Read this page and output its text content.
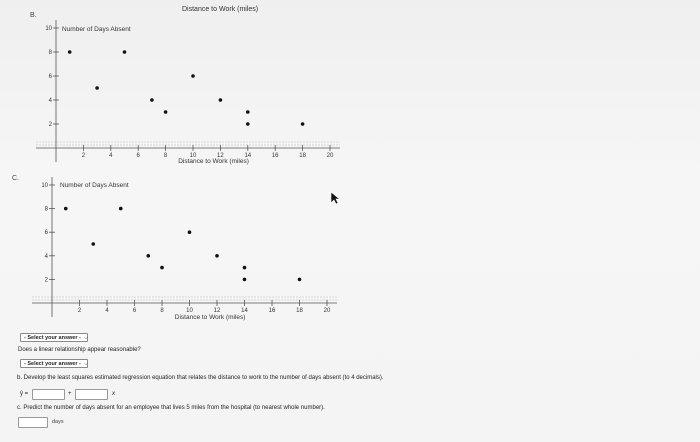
Distance to Work (miles)
B.
C.
2
4
6
8
10
2	4	6	8	10	12	14	16	18	20
Number of Days Absent
Distance to Work (miles)
2
4
6
8
10
2	4	6	8	10	12	14	16	18	20
Number of Days Absent
Distance to Work (miles)
- Select your answer - ⌵
Does a linear relationship appear reasonable?
- Select your answer - ⌵
b. Develop the least squares estimated regression equation that relates the distance to work to the number of days absent (to 4 decimals).
ŷ =	+	x
c. Predict the number of days absent for an employee that lives 5 miles from the hospital (to nearest whole number).
days
